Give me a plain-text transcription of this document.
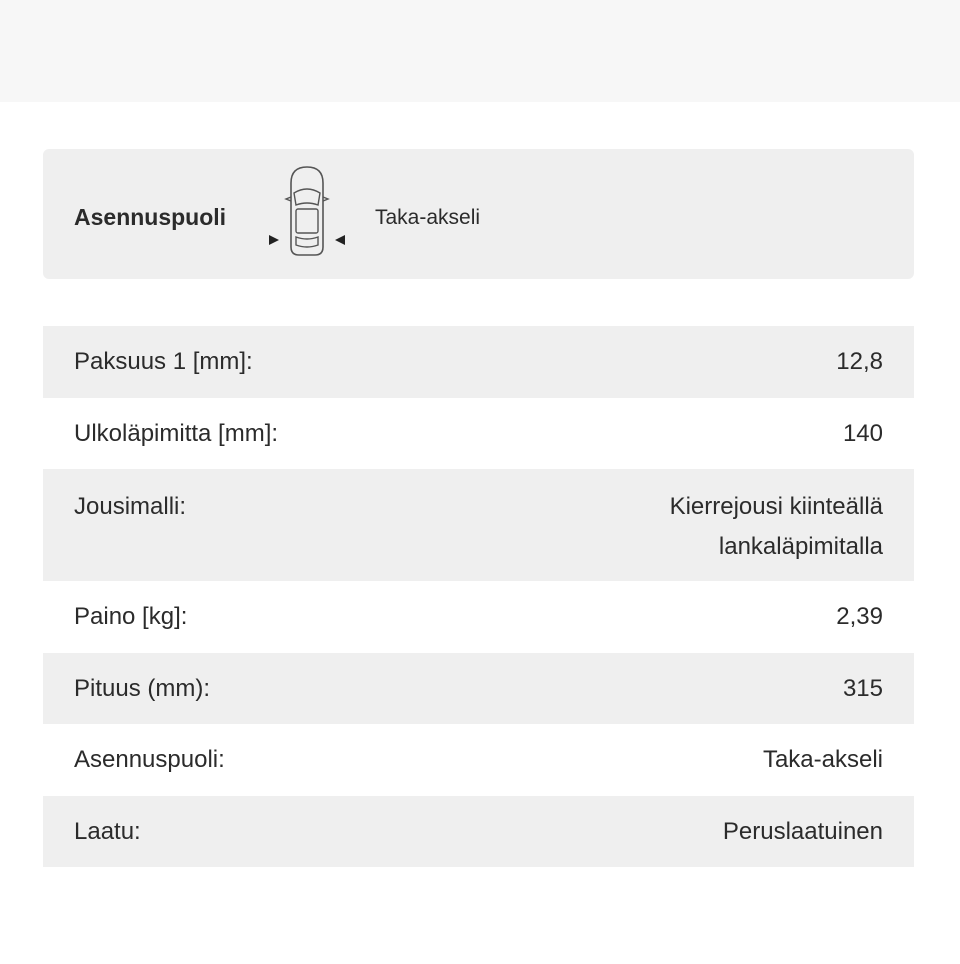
Asennuspuoli	Taka-akseli
Paksuus 1 [mm]:	12,8
Ulkoläpimitta [mm]:	140
Jousimalli:	Kierrejousi kiinteällä
lankaläpimitalla
Paino [kg]:	2,39
Pituus (mm):	315
Asennuspuoli:	Taka-akseli
Laatu:	Peruslaatuinen
